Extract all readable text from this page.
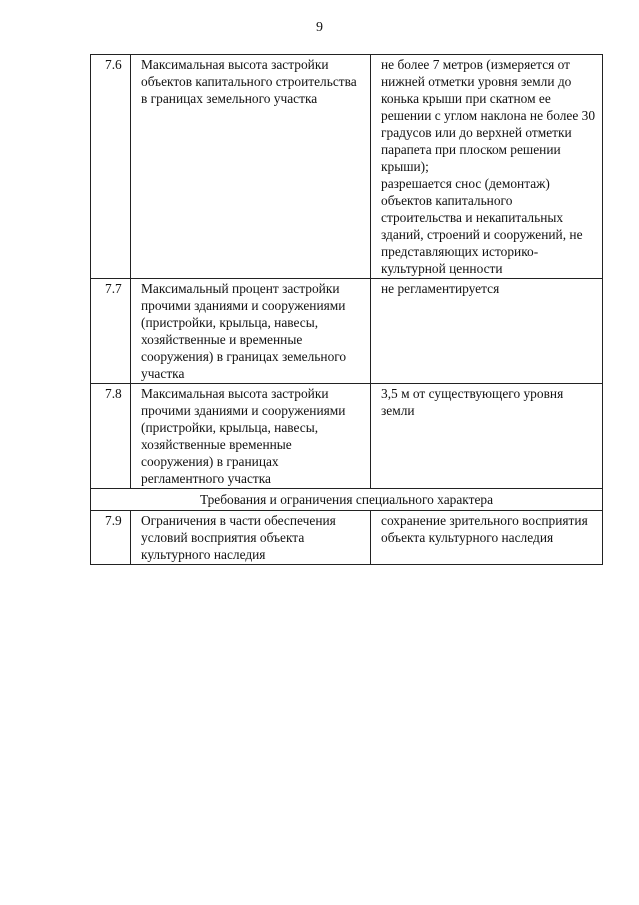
9
7.6	Максимальная высота застройки объектов капитального строительства в границах земельного участка	не более 7 метров (измеряется от нижней отметки уровня земли до конька крыши при скатном ее решении с углом наклона не более 30 градусов или до верхней отметки парапета при плоском решении крыши);
разрешается снос (демонтаж) объектов капитального строительства и некапитальных зданий, строений и сооружений, не представляющих историко-культурной ценности

7.7	Максимальный процент застройки прочими зданиями и сооружениями (пристройки, крыльца, навесы, хозяйственные и временные сооружения) в границах земельного участка	не регламентируется
7.8	Максимальная высота застройки прочими зданиями и сооружениями (пристройки, крыльца, навесы, хозяйственные временные сооружения) в границах регламентного участка	3,5 м от существующего уровня земли
Требования и ограничения специального характера		
7.9	Ограничения в части обеспечения условий восприятия объекта культурного наследия	сохранение зрительного восприятия объекта культурного наследия
